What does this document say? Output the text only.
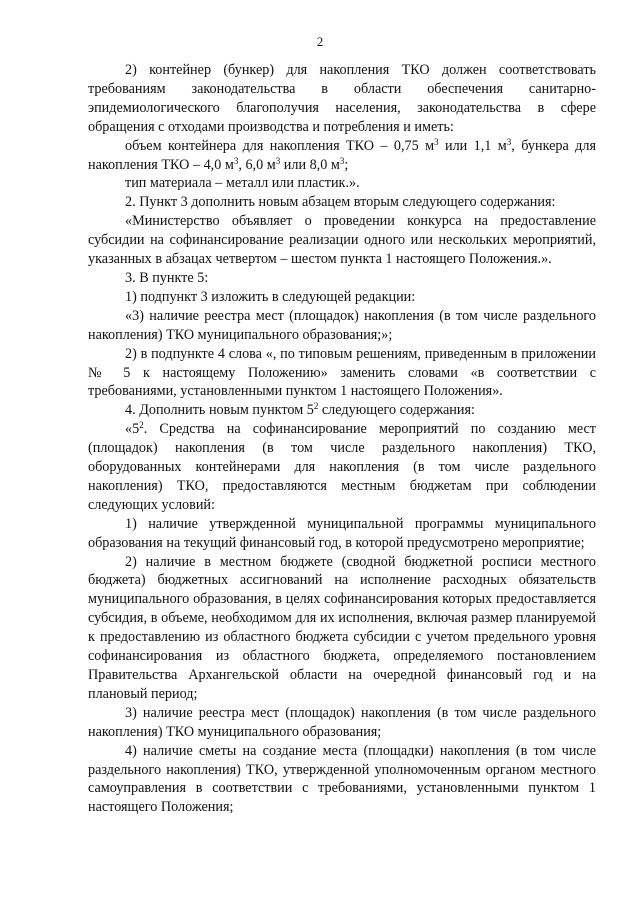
2

2) контейнер (бункер) для накопления ТКО должен соответствовать требованиям законодательства в области обеспечения санитарно-эпидемиологического благополучия населения, законодательства в сфере обращения с отходами производства и потребления и иметь:

объем контейнера для накопления ТКО – 0,75 $м^3$ или 1,1 $м^3$, бункера для накопления ТКО – 4,0 $м^3$, 6,0 $м^3$ или 8,0 $м^3$;

тип материала – металл или пластик.».

2. Пункт 3 дополнить новым абзацем вторым следующего содержания:

«Министерство объявляет о проведении конкурса на предоставление субсидии на софинансирование реализации одного или нескольких мероприятий, указанных в абзацах четвертом – шестом пункта 1 настоящего Положения.».

3. В пункте 5:

1) подпункт 3 изложить в следующей редакции:

«3) наличие реестра мест (площадок) накопления (в том числе раздельного накопления) ТКО муниципального образования;»;

2) в подпункте 4 слова «, по типовым решениям, приведенным в приложении № 5 к настоящему Положению» заменить словами «в соответствии с требованиями, установленными пунктом 1 настоящего Положения».

4. Дополнить новым пунктом $5^2$ следующего содержания:

«$5^2$. Средства на софинансирование мероприятий по созданию мест (площадок) накопления (в том числе раздельного накопления) ТКО, оборудованных контейнерами для накопления (в том числе раздельного накопления) ТКО, предоставляются местным бюджетам при соблюдении следующих условий:

1) наличие утвержденной муниципальной программы муниципального образования на текущий финансовый год, в которой предусмотрено мероприятие;

2) наличие в местном бюджете (сводной бюджетной росписи местного бюджета) бюджетных ассигнований на исполнение расходных обязательств муниципального образования, в целях софинансирования которых предоставляется субсидия, в объеме, необходимом для их исполнения, включая размер планируемой к предоставлению из областного бюджета субсидии с учетом предельного уровня софинансирования из областного бюджета, определяемого постановлением Правительства Архангельской области на очередной финансовый год и на плановый период;

3) наличие реестра мест (площадок) накопления (в том числе раздельного накопления) ТКО муниципального образования;

4) наличие сметы на создание места (площадки) накопления (в том числе раздельного накопления) ТКО, утвержденной уполномоченным органом местного самоуправления в соответствии с требованиями, установленными пунктом 1 настоящего Положения;
